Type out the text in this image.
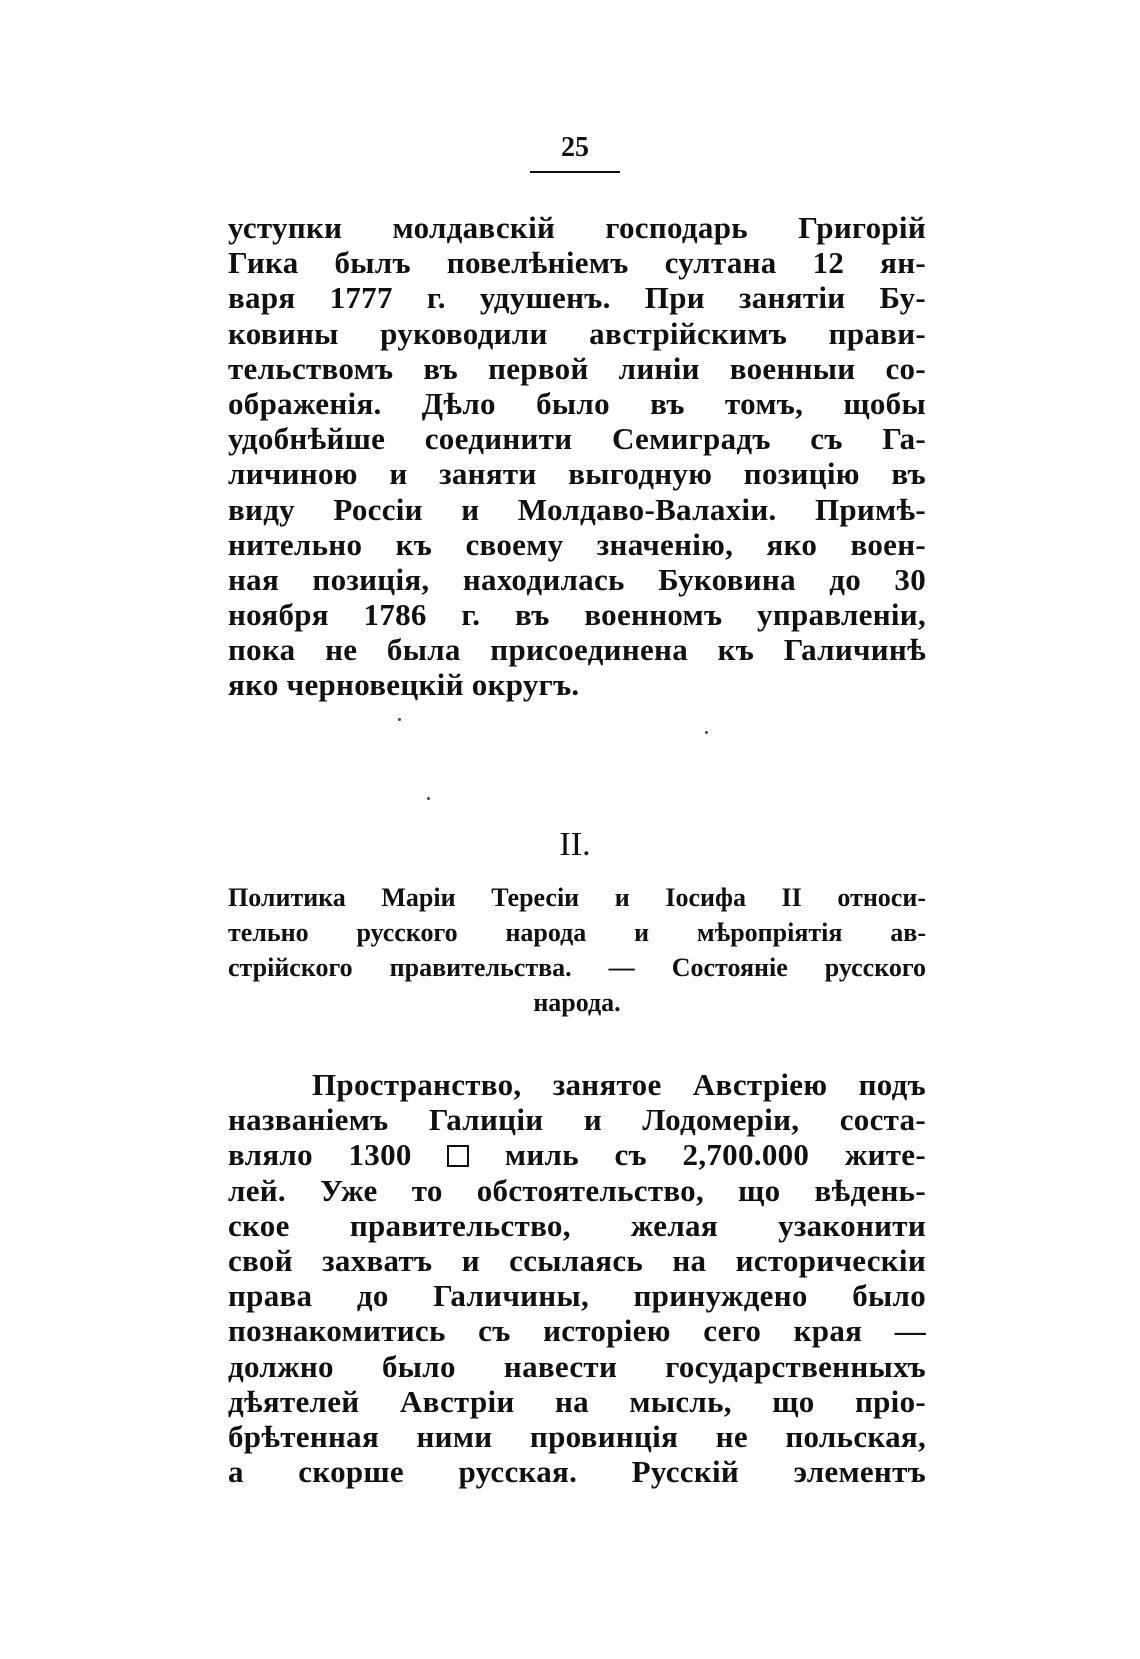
25
уступки молдавскій господарь Григорій
Гика былъ повелѣніемъ султана 12 ян-
варя 1777 г. удушенъ. При занятіи Бу-
ковины руководили австрійскимъ прави-
тельствомъ въ первой линіи военныи со-
ображенія. Дѣло было въ томъ, щобы
удобнѣйше соединити Семиградъ съ Га-
личиною и заняти выгодную позицію въ
виду Россіи и Молдаво-Валахіи. Примѣ-
нительно къ своему значенію, яко воен-
ная позиція, находилась Буковина до 30
ноября 1786 г. въ военномъ управленіи,
пока не была присоединена къ Галичинѣ
яко черновецкій округъ.
II.
Политика Маріи Тересіи и Іосифа II относи-
тельно русского народа и мѣропріятія ав-
стрійского правительства. — Состояніе русского
народа.
Пространство, занятое Австріею подъ
названіемъ Галиціи и Лодомеріи, соста-
вляло 1300	миль съ 2,700.000 жите-
лей. Уже то обстоятельство, що вѣдень-
ское правительство, желая узаконити
свой захватъ и ссылаясь на историческіи
права до Галичины, принуждено было
познакомитись съ исторіею сего края —
должно было навести государственныхъ
дѣятелей Австріи на мысль, що пріо-
брѣтенная ними провинція не польская,
а скорше русская. Русскій элементъ
